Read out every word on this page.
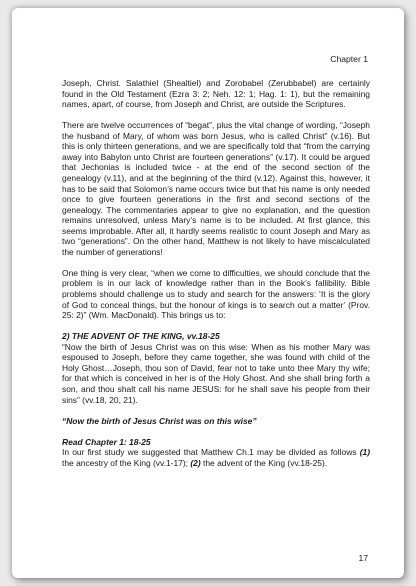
Chapter 1

Joseph, Christ. Salathiel (Shealtiel) and Zorobabel (Zerubbabel) are certainly found in the Old Testament (Ezra 3: 2; Neh. 12: 1; Hag. 1: 1), but the remaining names, apart, of course, from Joseph and Christ, are outside the Scriptures.

There are twelve occurrences of “begat”, plus the vital change of wording, “Joseph the husband of Mary, of whom was born Jesus, who is called Christ” (v.16). But this is only thirteen generations, and we are specifically told that “from the carrying away into Babylon unto Christ are fourteen generations” (v.17). It could be argued that Jechonias is included twice - at the end of the second section of the genealogy (v.11), and at the beginning of the third (v.12). Against this, however, it has to be said that Solomon’s name occurs twice but that his name is only needed once to give fourteen generations in the first and second sections of the genealogy. The commentaries appear to give no explanation, and the question remains unresolved, unless Mary’s name is to be included. At first glance, this seems improbable. After all, it hardly seems realistic to count Joseph and Mary as two “generations”. On the other hand, Matthew is not likely to have miscalculated the number of generations!

One thing is very clear, “when we come to difficulties, we should conclude that the problem is in our lack of knowledge rather than in the Book’s fallibility. Bible problems should challenge us to study and search for the answers: ‘It is the glory of God to conceal things, but the honour of kings is to search out a matter’ (Prov. 25: 2)” (Wm. MacDonald). This brings us to:

2) THE ADVENT OF THE KING, vv.18-25

“Now the birth of Jesus Christ was on this wise: When as his mother Mary was espoused to Joseph, before they came together, she was found with child of the Holy Ghost…Joseph, thou son of David, fear not to take unto thee Mary thy wife; for that which is conceived in her is of the Holy Ghost. And she shall bring forth a son, and thou shalt call his name JESUS: for he shall save his people from their sins” (vv.18, 20, 21).

“Now the birth of Jesus Christ was on this wise”
Read Chapter 1: 18-25

In our first study we suggested that Matthew Ch.1 may be divided as follows (1) the ancestry of the King (vv.1-17); (2) the advent of the King (vv.18-25).

17
